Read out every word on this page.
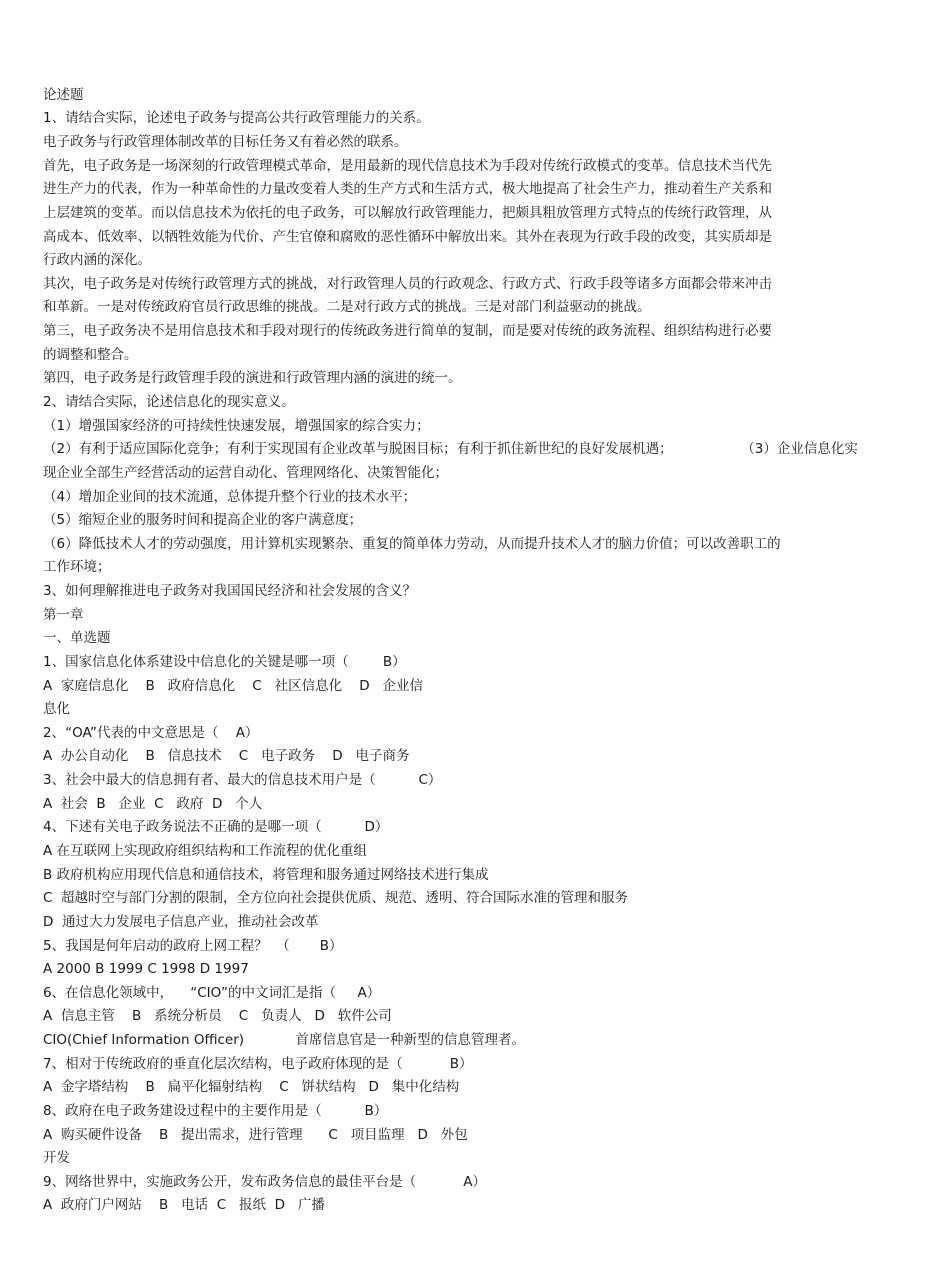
论述题
1、请结合实际，论述电子政务与提高公共行政管理能力的关系。
电子政务与行政管理体制改革的目标任务又有着必然的联系。
首先，电子政务是一场深刻的行政管理模式革命，是用最新的现代信息技术为手段对传统行政模式的变革。信息技术当代先
进生产力的代表，作为一种革命性的力量改变着人类的生产方式和生活方式，极大地提高了社会生产力，推动着生产关系和
上层建筑的变革。而以信息技术为依托的电子政务，可以解放行政管理能力，把颇具粗放管理方式特点的传统行政管理，从
高成本、低效率、以牺牲效能为代价、产生官僚和腐败的恶性循环中解放出来。其外在表现为行政手段的改变，其实质却是
行政内涵的深化。
其次，电子政务是对传统行政管理方式的挑战，对行政管理人员的行政观念、行政方式、行政手段等诸多方面都会带来冲击
和革新。一是对传统政府官员行政思维的挑战。二是对行政方式的挑战。三是对部门利益驱动的挑战。
第三，电子政务决不是用信息技术和手段对现行的传统政务进行简单的复制，而是要对传统的政务流程、组织结构进行必要
的调整和整合。
第四，电子政务是行政管理手段的演进和行政管理内涵的演进的统一。
2、请结合实际，论述信息化的现实意义。
（1）增强国家经济的可持续性快速发展，增强国家的综合实力；
（2）有利于适应国际化竞争；有利于实现国有企业改革与脱困目标；有利于抓住新世纪的良好发展机遇；                （3）企业信息化实
现企业全部生产经营活动的运营自动化、管理网络化、决策智能化；
（4）增加企业间的技术流通，总体提升整个行业的技术水平；
（5）缩短企业的服务时间和提高企业的客户满意度；
（6）降低技术人才的劳动强度，用计算机实现繁杂、重复的简单体力劳动，从而提升技术人才的脑力价值；可以改善职工的
工作环境；
3、如何理解推进电子政务对我国国民经济和社会发展的含义？
第一章
一、单选题
1、国家信息化体系建设中信息化的关键是哪一项（        B）
A  家庭信息化    B   政府信息化    C   社区信息化    D   企业信
息化
2、“OA”代表的中文意思是（    A）
A  办公自动化    B   信息技术    C   电子政务    D   电子商务
3、社会中最大的信息拥有者、最大的信息技术用户是（          C）
A  社会  B   企业  C   政府  D   个人
4、下述有关电子政务说法不正确的是哪一项（          D）
A 在互联网上实现政府组织结构和工作流程的优化重组
B 政府机构应用现代信息和通信技术，将管理和服务通过网络技术进行集成
C  超越时空与部门分割的限制，全方位向社会提供优质、规范、透明、符合国际水准的管理和服务
D  通过大力发展电子信息产业，推动社会改革
5、我国是何年启动的政府上网工程？  （       B）
A 2000 B 1999 C 1998 D 1997
6、在信息化领域中，    “CIO”的中文词汇是指（     A）
A  信息主管    B   系统分析员    C   负责人   D   软件公司
CIO(Chief Information Officer)            首席信息官是一种新型的信息管理者。
7、相对于传统政府的垂直化层次结构，电子政府体现的是（           B）
A  金字塔结构    B   扁平化辐射结构    C   饼状结构   D   集中化结构
8、政府在电子政务建设过程中的主要作用是（          B）
A  购买硬件设备    B   提出需求，进行管理      C   项目监理   D   外包
开发
9、网络世界中，实施政务公开，发布政务信息的最佳平台是（           A）
A  政府门户网站    B   电话  C   报纸  D   广播
